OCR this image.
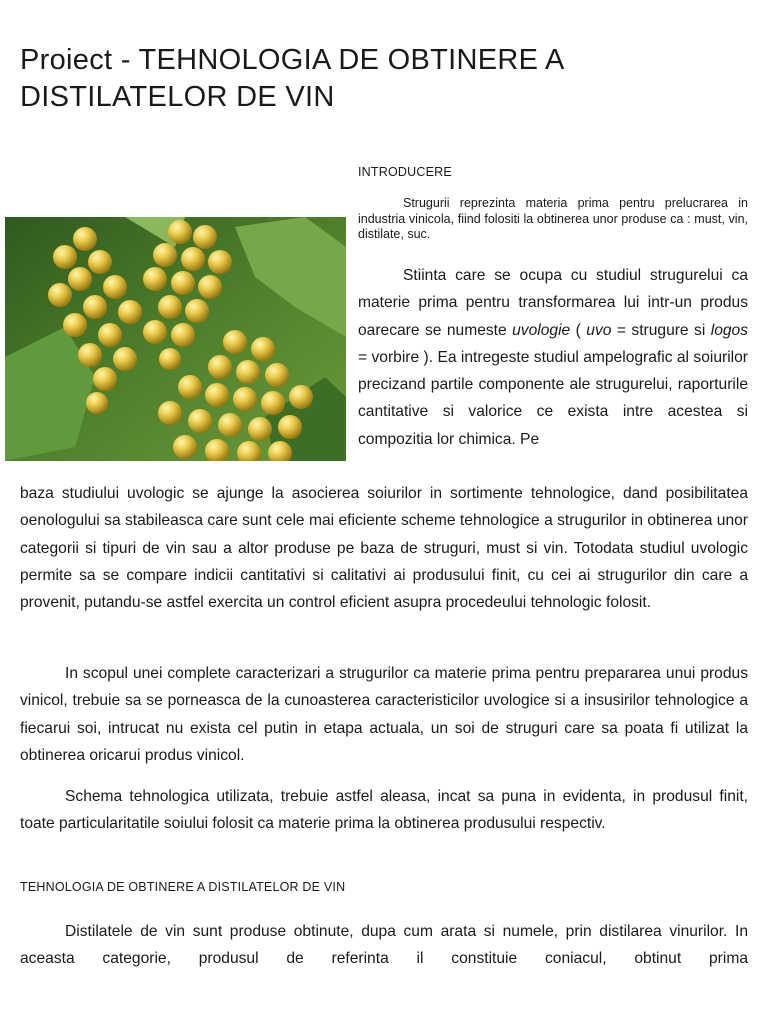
Proiect - TEHNOLOGIA DE OBTINERE A DISTILATELOR DE VIN
INTRODUCERE

Strugurii reprezinta materia prima pentru prelucrarea in industria vinicola, fiind folositi la obtinerea unor produse ca : must, vin, distilate, suc.

Stiinta care se ocupa cu studiul strugurelui ca materie prima pentru transformarea lui intr-un produs oarecare se numeste uvologie ( uvo = strugure si logos = vorbire ). Ea intregeste studiul ampelografic al soiurilor precizand partile componente ale strugurelui, raporturile cantitative si valorice ce exista intre acestea si compozitia lor chimica. Pe

baza studiului uvologic se ajunge la asocierea soiurilor in sortimente tehnologice, dand posibilitatea oenologului sa stabileasca care sunt cele mai eficiente scheme tehnologice a strugurilor in obtinerea unor categorii si tipuri de vin sau a altor produse pe baza de struguri, must si vin. Totodata studiul uvologic permite sa se compare indicii cantitativi si calitativi ai produsului finit, cu cei ai strugurilor din care a provenit, putandu-se astfel exercita un control eficient asupra procedeului tehnologic folosit.

In scopul unei complete caracterizari a strugurilor ca materie prima pentru prepararea unui produs vinicol, trebuie sa se porneasca de la cunoasterea caracteristicilor uvologice si a insusirilor tehnologice a fiecarui soi, intrucat nu exista cel putin in etapa actuala, un soi de struguri care sa poata fi utilizat la obtinerea oricarui produs vinicol.

Schema tehnologica utilizata, trebuie astfel aleasa, incat sa puna in evidenta, in produsul finit, toate particularitatile soiului folosit ca materie prima la obtinerea produsului respectiv.

TEHNOLOGIA DE OBTINERE A DISTILATELOR DE VIN

Distilatele de vin sunt produse obtinute, dupa cum arata si numele, prin distilarea vinurilor. In aceasta categorie, produsul de referinta il constituie coniacul, obtinut prima
